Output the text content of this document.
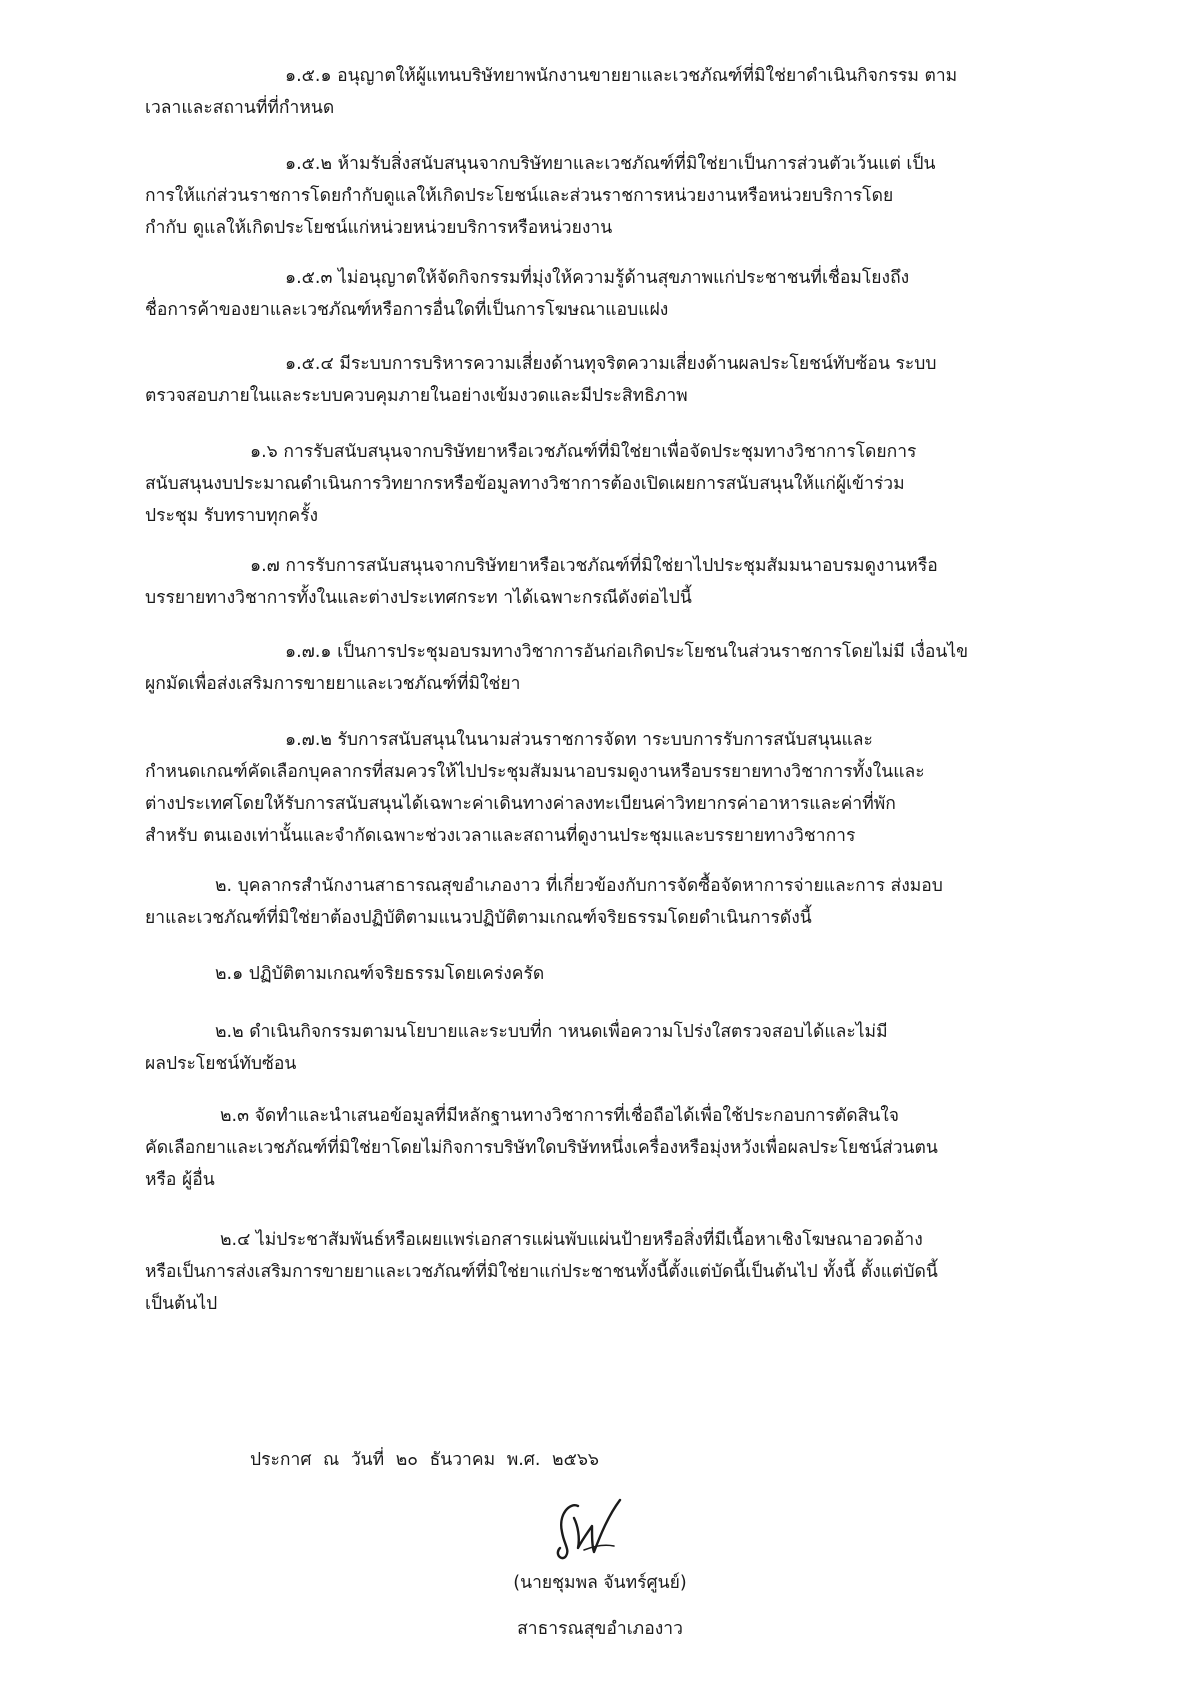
๑.๕.๑ อนุญาตให้ผู้แทนบริษัทยาพนักงานขายยาและเวชภัณฑ์ที่มิใช่ยาดำเนินกิจกรรม ตาม
เวลาและสถานที่ที่กำหนด

๑.๕.๒ ห้ามรับสิ่งสนับสนุนจากบริษัทยาและเวชภัณฑ์ที่มิใช่ยาเป็นการส่วนตัวเว้นแต่ เป็น
การให้แก่ส่วนราชการโดยกำกับดูแลให้เกิดประโยชน์และส่วนราชการหน่วยงานหรือหน่วยบริการโดย
กำกับ ดูแลให้เกิดประโยชน์แก่หน่วยหน่วยบริการหรือหน่วยงาน

๑.๕.๓ ไม่อนุญาตให้จัดกิจกรรมที่มุ่งให้ความรู้ด้านสุขภาพแก่ประชาชนที่เชื่อมโยงถึง
ชื่อการค้าของยาและเวชภัณฑ์หรือการอื่นใดที่เป็นการโฆษณาแอบแฝง

๑.๕.๔ มีระบบการบริหารความเสี่ยงด้านทุจริตความเสี่ยงด้านผลประโยชน์ทับซ้อน ระบบ
ตรวจสอบภายในและระบบควบคุมภายในอย่างเข้มงวดและมีประสิทธิภาพ

๑.๖ การรับสนับสนุนจากบริษัทยาหรือเวชภัณฑ์ที่มิใช่ยาเพื่อจัดประชุมทางวิชาการโดยการ
สนับสนุนงบประมาณดำเนินการวิทยากรหรือข้อมูลทางวิชาการต้องเปิดเผยการสนับสนุนให้แก่ผู้เข้าร่วม
ประชุม รับทราบทุกครั้ง

๑.๗ การรับการสนับสนุนจากบริษัทยาหรือเวชภัณฑ์ที่มิใช่ยาไปประชุมสัมมนาอบรมดูงานหรือ
บรรยายทางวิชาการทั้งในและต่างประเทศกระท าได้เฉพาะกรณีดังต่อไปนี้

๑.๗.๑ เป็นการประชุมอบรมทางวิชาการอันก่อเกิดประโยชนในส่วนราชการโดยไม่มี เงื่อนไข
ผูกมัดเพื่อส่งเสริมการขายยาและเวชภัณฑ์ที่มิใช่ยา

๑.๗.๒ รับการสนับสนุนในนามส่วนราชการจัดท าระบบการรับการสนับสนุนและ
กำหนดเกณฑ์คัดเลือกบุคลากรที่สมควรให้ไปประชุมสัมมนาอบรมดูงานหรือบรรยายทางวิชาการทั้งในและ
ต่างประเทศโดยให้รับการสนับสนุนได้เฉพาะค่าเดินทางค่าลงทะเบียนค่าวิทยากรค่าอาหารและค่าที่พัก
สำหรับ ตนเองเท่านั้นและจำกัดเฉพาะช่วงเวลาและสถานที่ดูงานประชุมและบรรยายทางวิชาการ

๒. บุคลากรสำนักงานสาธารณสุขอำเภองาว ที่เกี่ยวข้องกับการจัดซื้อจัดหาการจ่ายและการ ส่งมอบ
ยาและเวชภัณฑ์ที่มิใช่ยาต้องปฏิบัติตามแนวปฏิบัติตามเกณฑ์จริยธรรมโดยดำเนินการดังนี้

๒.๑ ปฏิบัติตามเกณฑ์จริยธรรมโดยเคร่งครัด

๒.๒ ดำเนินกิจกรรมตามนโยบายและระบบที่ก าหนดเพื่อความโปร่งใสตรวจสอบได้และไม่มี
ผลประโยชน์ทับซ้อน

๒.๓ จัดทำและนำเสนอข้อมูลที่มีหลักฐานทางวิชาการที่เชื่อถือได้เพื่อใช้ประกอบการตัดสินใจ
คัดเลือกยาและเวชภัณฑ์ที่มิใช่ยาโดยไม่กิจการบริษัทใดบริษัทหนึ่งเครื่องหรือมุ่งหวังเพื่อผลประโยชน์ส่วนตน
หรือ ผู้อื่น

๒.๔ ไม่ประชาสัมพันธ์หรือเผยแพร่เอกสารแผ่นพับแผ่นป้ายหรือสิ่งที่มีเนื้อหาเชิงโฆษณาอวดอ้าง
หรือเป็นการส่งเสริมการขายยาและเวชภัณฑ์ที่มิใช่ยาแก่ประชาชนทั้งนี้ตั้งแต่บัดนี้เป็นต้นไป ทั้งนี้ ตั้งแต่บัดนี้
เป็นต้นไป

ประกาศ ณ วันที่ ๒๐ ธันวาคม พ.ศ. ๒๕๖๖
(นายชุมพล จันทร์ศูนย์)
สาธารณสุขอำเภองาว
